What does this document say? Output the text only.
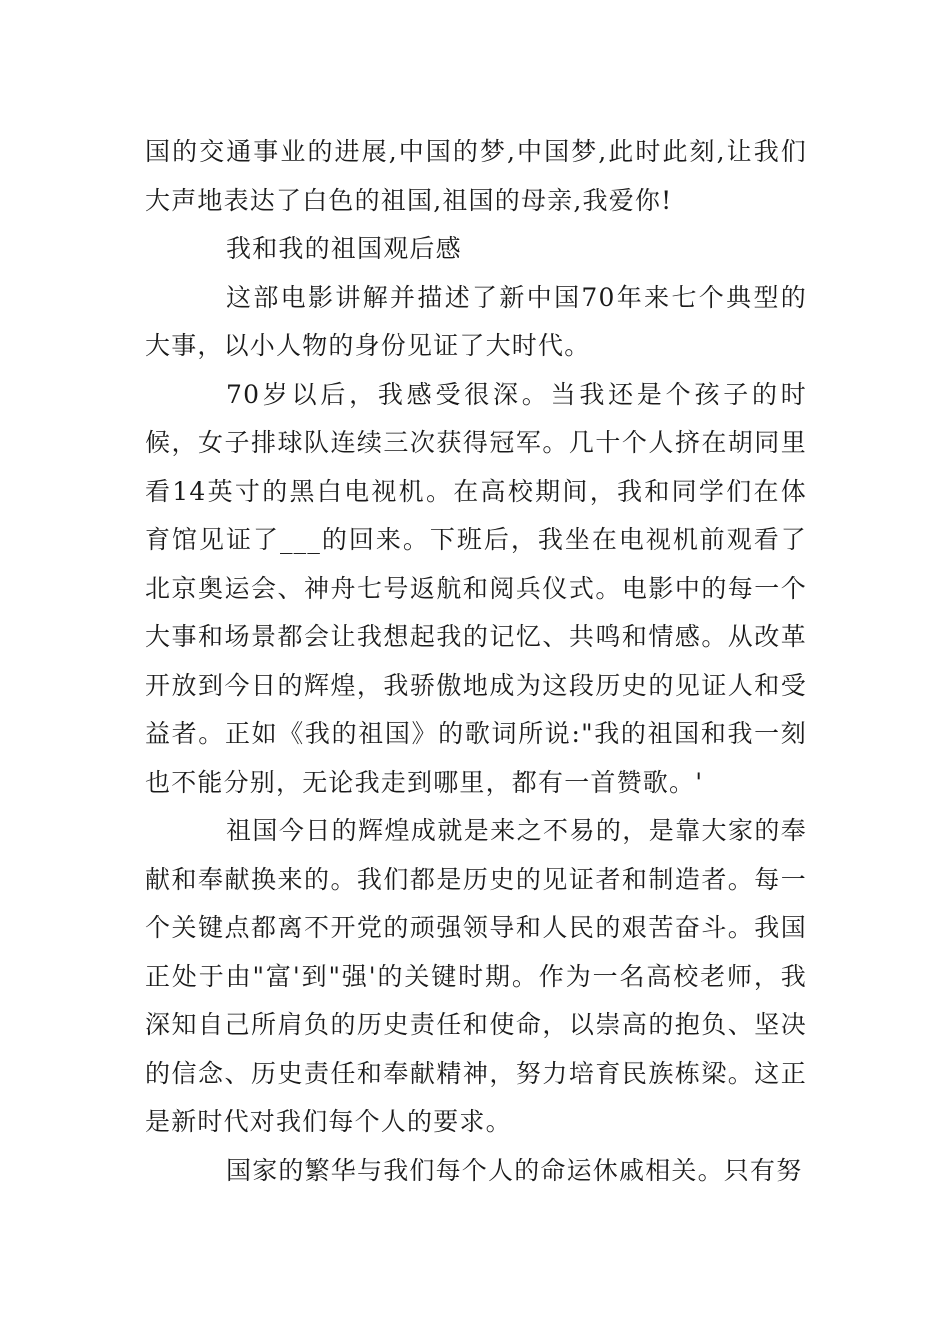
国的交通事业的进展,中国的梦,中国梦,此时此刻,让我们大声地表达了白色的祖国,祖国的母亲,我爱你!

我和我的祖国观后感

这部电影讲解并描述了新中国70年来七个典型的大事，以小人物的身份见证了大时代。

70岁以后，我感受很深。当我还是个孩子的时候，女子排球队连续三次获得冠军。几十个人挤在胡同里看14英寸的黑白电视机。在高校期间，我和同学们在体育馆见证了___的回来。下班后，我坐在电视机前观看了北京奥运会、神舟七号返航和阅兵仪式。电影中的每一个大事和场景都会让我想起我的记忆、共鸣和情感。从改革开放到今日的辉煌，我骄傲地成为这段历史的见证人和受益者。正如《我的祖国》的歌词所说:"我的祖国和我一刻也不能分别，无论我走到哪里，都有一首赞歌。'

祖国今日的辉煌成就是来之不易的，是靠大家的奉献和奉献换来的。我们都是历史的见证者和制造者。每一个关键点都离不开党的顽强领导和人民的艰苦奋斗。我国正处于由"富'到"强'的关键时期。作为一名高校老师，我深知自己所肩负的历史责任和使命，以崇高的抱负、坚决的信念、历史责任和奉献精神，努力培育民族栋梁。这正是新时代对我们每个人的要求。

国家的繁华与我们每个人的命运休戚相关。只有努
